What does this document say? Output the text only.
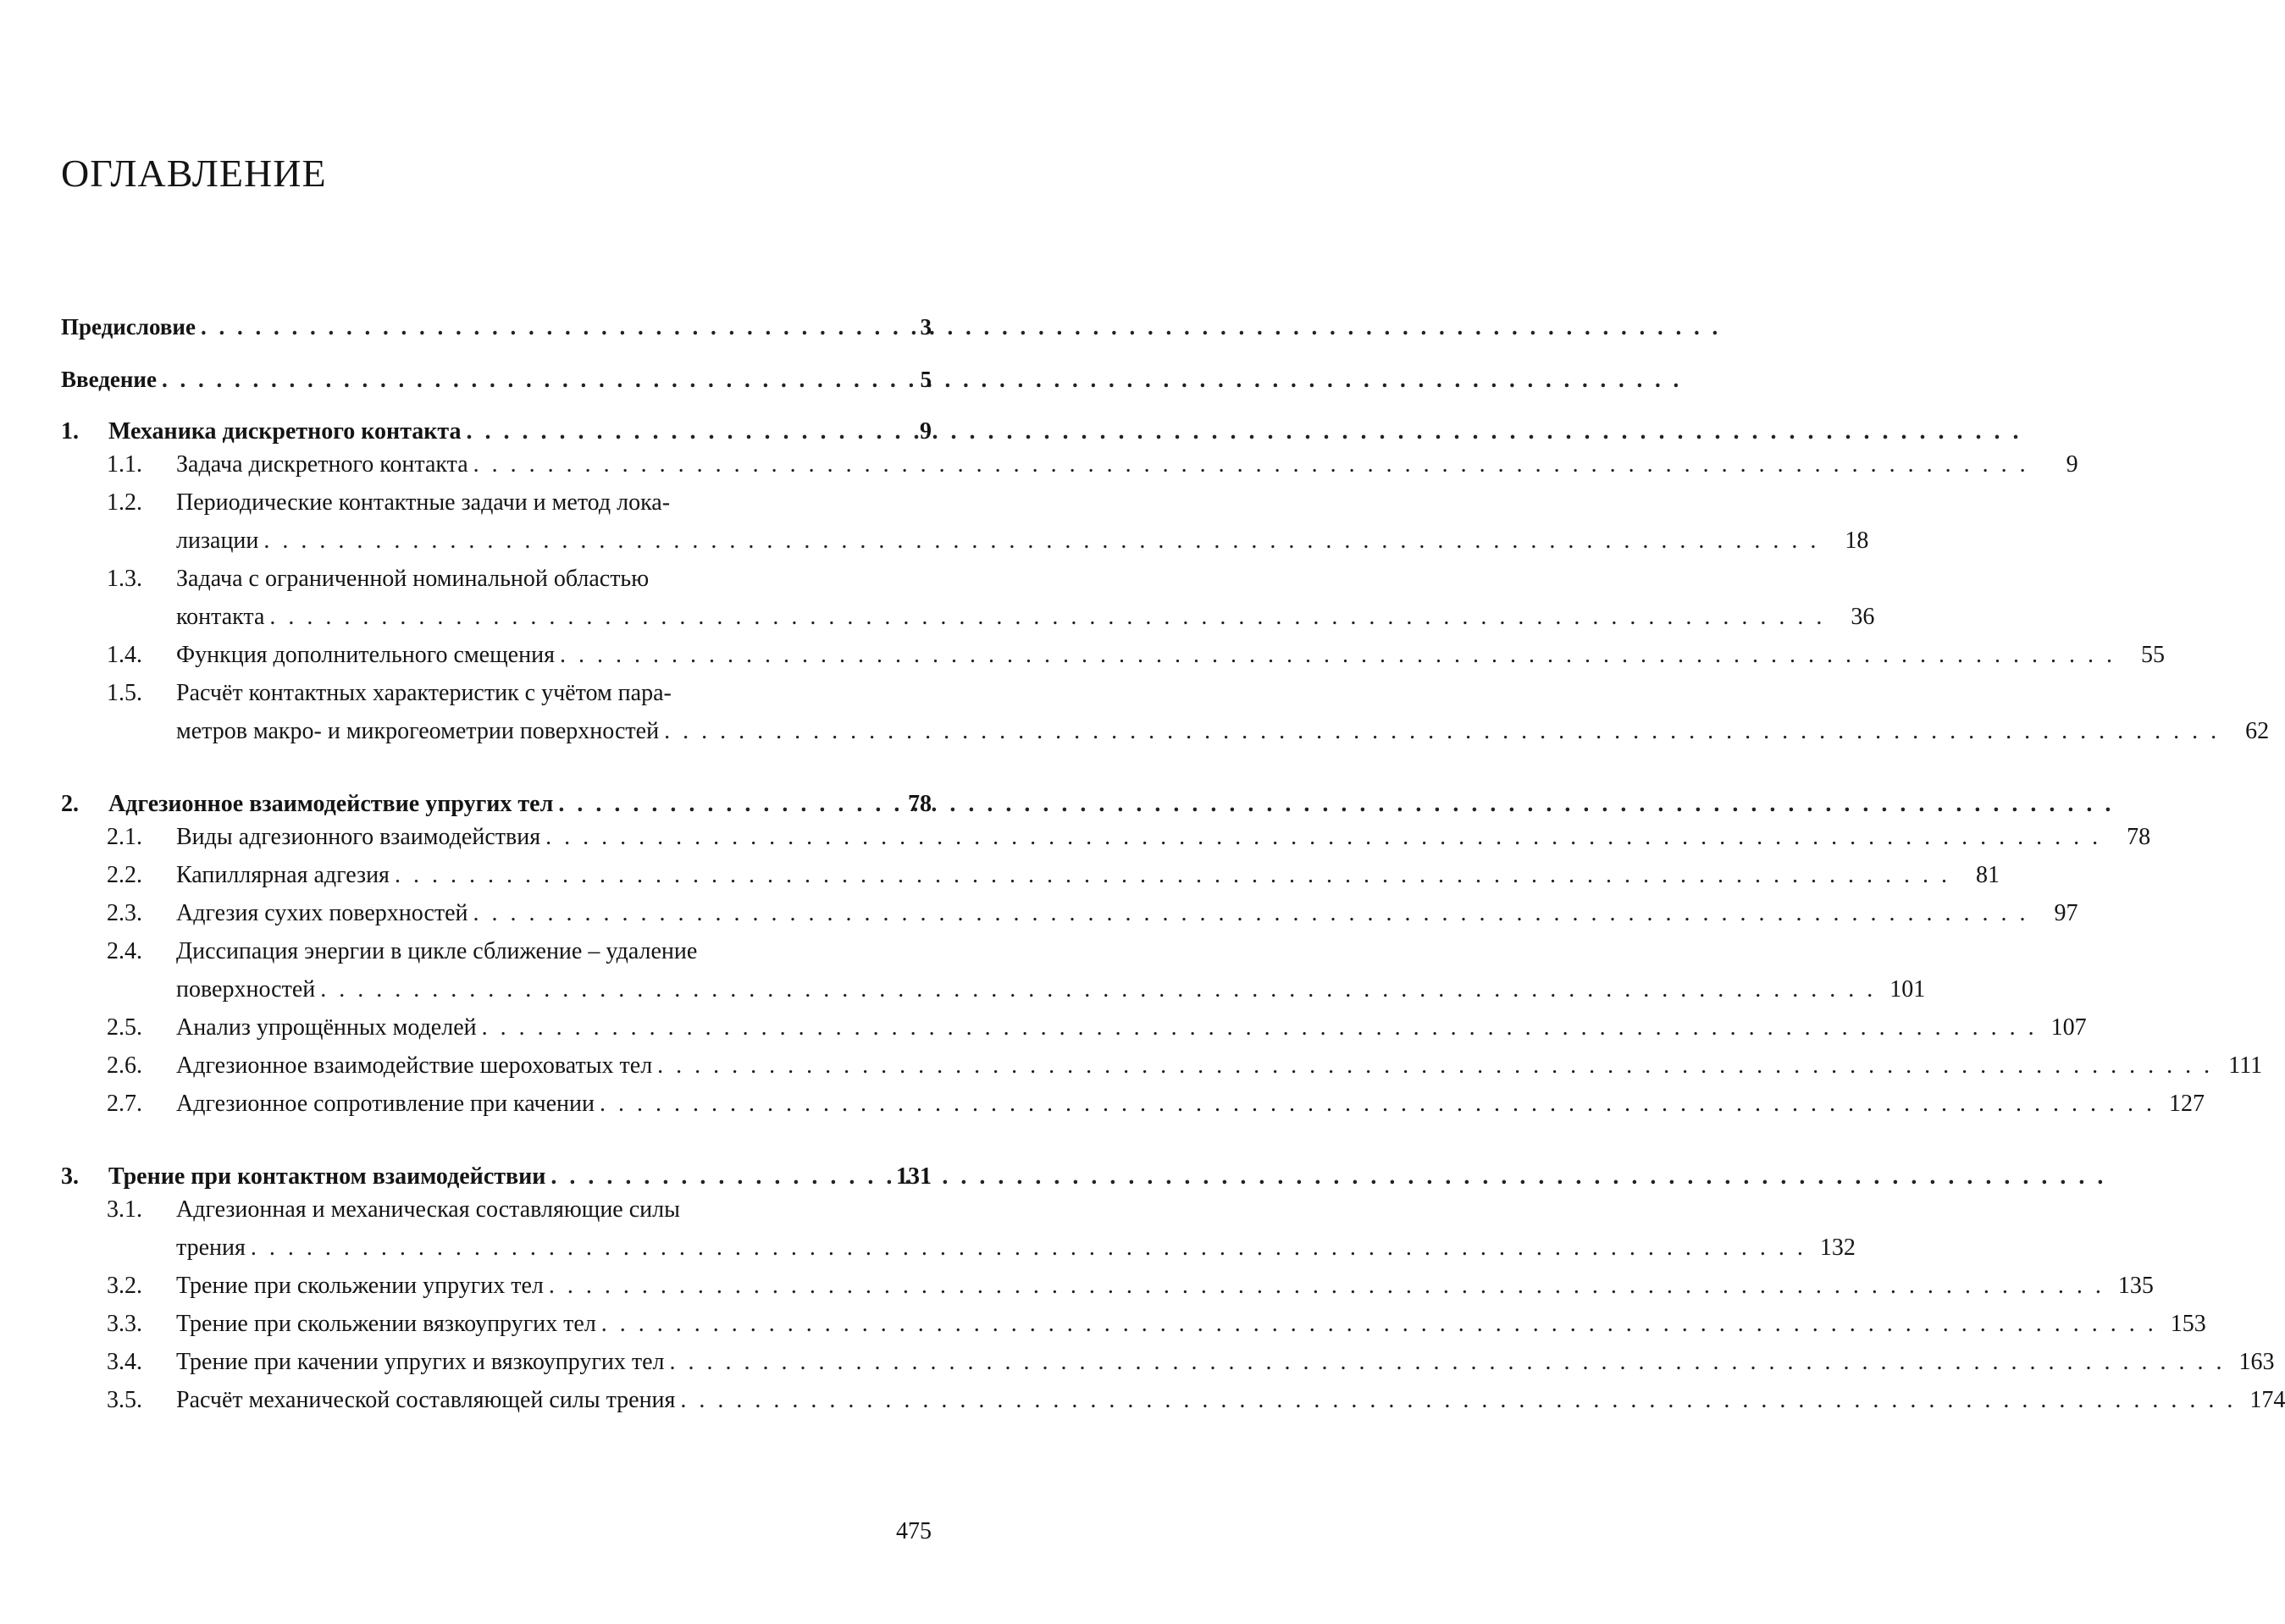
ОГЛАВЛЕНИЕ
Предисловие . . .	3
Введение . . .	5
1. Механика дискретного контакта . . .	9
1.1.	Задача дискретного контакта . . .	9
1.2.	Периодические контактные задачи и метод лока-
лизации . . .	18
1.3.	Задача с ограниченной номинальной областью
контакта . . .	36
1.4.	Функция дополнительного смещения . . .	55
1.5.	Расчёт контактных характеристик с учётом пара-
метров макро- и микрогеометрии поверхностей . . .	62
2. Адгезионное взаимодействие упругих тел . . .	78
2.1.	Виды адгезионного взаимодействия . . .	78
2.2.	Капиллярная адгезия . . .	81
2.3.	Адгезия сухих поверхностей . . .	97
2.4.	Диссипация энергии в цикле сближение – удаление
поверхностей . . .	101
2.5.	Анализ упрощённых моделей . . .	107
2.6.	Адгезионное взаимодействие шероховатых тел . . .	111
2.7.	Адгезионное сопротивление при качении . . .	127
3. Трение при контактном взаимодействии . . .	131
3.1.	Адгезионная и механическая составляющие силы
трения . . .	132
3.2.	Трение при скольжении упругих тел . . .	135
3.3.	Трение при скольжении вязкоупругих тел . . .	153
3.4.	Трение при качении упругих и вязкоупругих тел . . .	163
3.5.	Расчёт механической составляющей силы трения . . .	174
475
